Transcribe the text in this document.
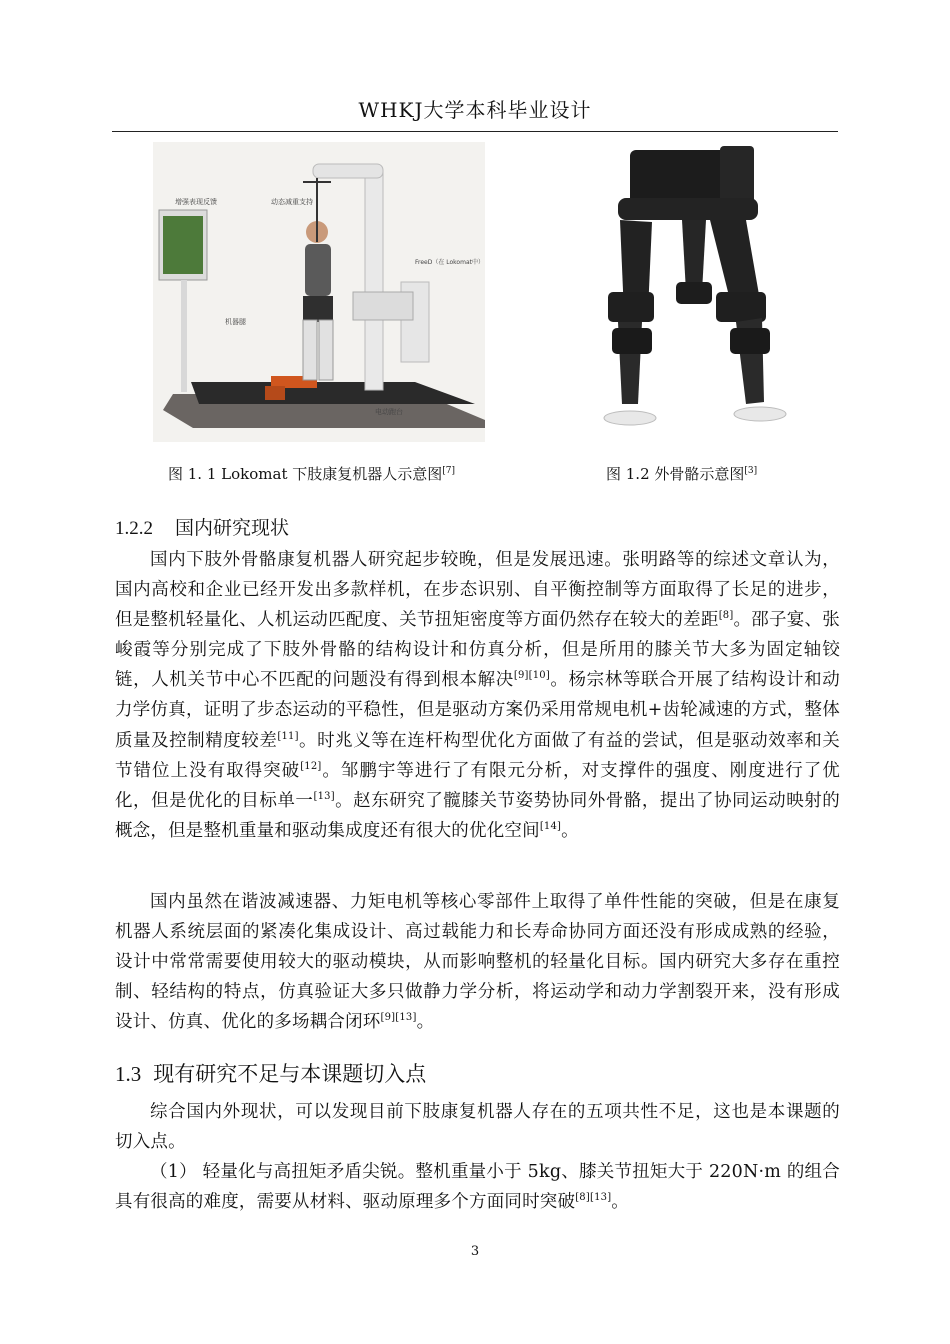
WHKJ大学本科毕业设计
增强表现反馈	动态减重支持
机器腿
电动跑台
FreeD（在 Lokomat中）
图 1. 1 Lokomat 下肢康复机器人示意图[7]	图 1.2 外骨骼示意图[3]
1.2.2 国内研究现状
国内下肢外骨骼康复机器人研究起步较晚，但是发展迅速。张明路等的综述文章认为，国内高校和企业已经开发出多款样机，在步态识别、自平衡控制等方面取得了长足的进步，但是整机轻量化、人机运动匹配度、关节扭矩密度等方面仍然存在较大的差距[8]。邵子宴、张峻霞等分别完成了下肢外骨骼的结构设计和仿真分析，但是所用的膝关节大多为固定轴铰链，人机关节中心不匹配的问题没有得到根本解决[9][10]。杨宗林等联合开展了结构设计和动力学仿真，证明了步态运动的平稳性，但是驱动方案仍采用常规电机+齿轮减速的方式，整体质量及控制精度较差[11]。时兆义等在连杆构型优化方面做了有益的尝试，但是驱动效率和关节错位上没有取得突破[12]。邹鹏宇等进行了有限元分析，对支撑件的强度、刚度进行了优化，但是优化的目标单一[13]。赵东研究了髋膝关节姿势协同外骨骼，提出了协同运动映射的概念，但是整机重量和驱动集成度还有很大的优化空间[14]。
国内虽然在谐波减速器、力矩电机等核心零部件上取得了单件性能的突破，但是在康复机器人系统层面的紧凑化集成设计、高过载能力和长寿命协同方面还没有形成成熟的经验，设计中常常需要使用较大的驱动模块，从而影响整机的轻量化目标。国内研究大多存在重控制、轻结构的特点，仿真验证大多只做静力学分析，将运动学和动力学割裂开来，没有形成设计、仿真、优化的多场耦合闭环[9][13]。
1.3 现有研究不足与本课题切入点
综合国内外现状，可以发现目前下肢康复机器人存在的五项共性不足，这也是本课题的切入点。
（1） 轻量化与高扭矩矛盾尖锐。整机重量小于 5kg、膝关节扭矩大于 220N·m 的组合具有很高的难度，需要从材料、驱动原理多个方面同时突破[8][13]。
3
